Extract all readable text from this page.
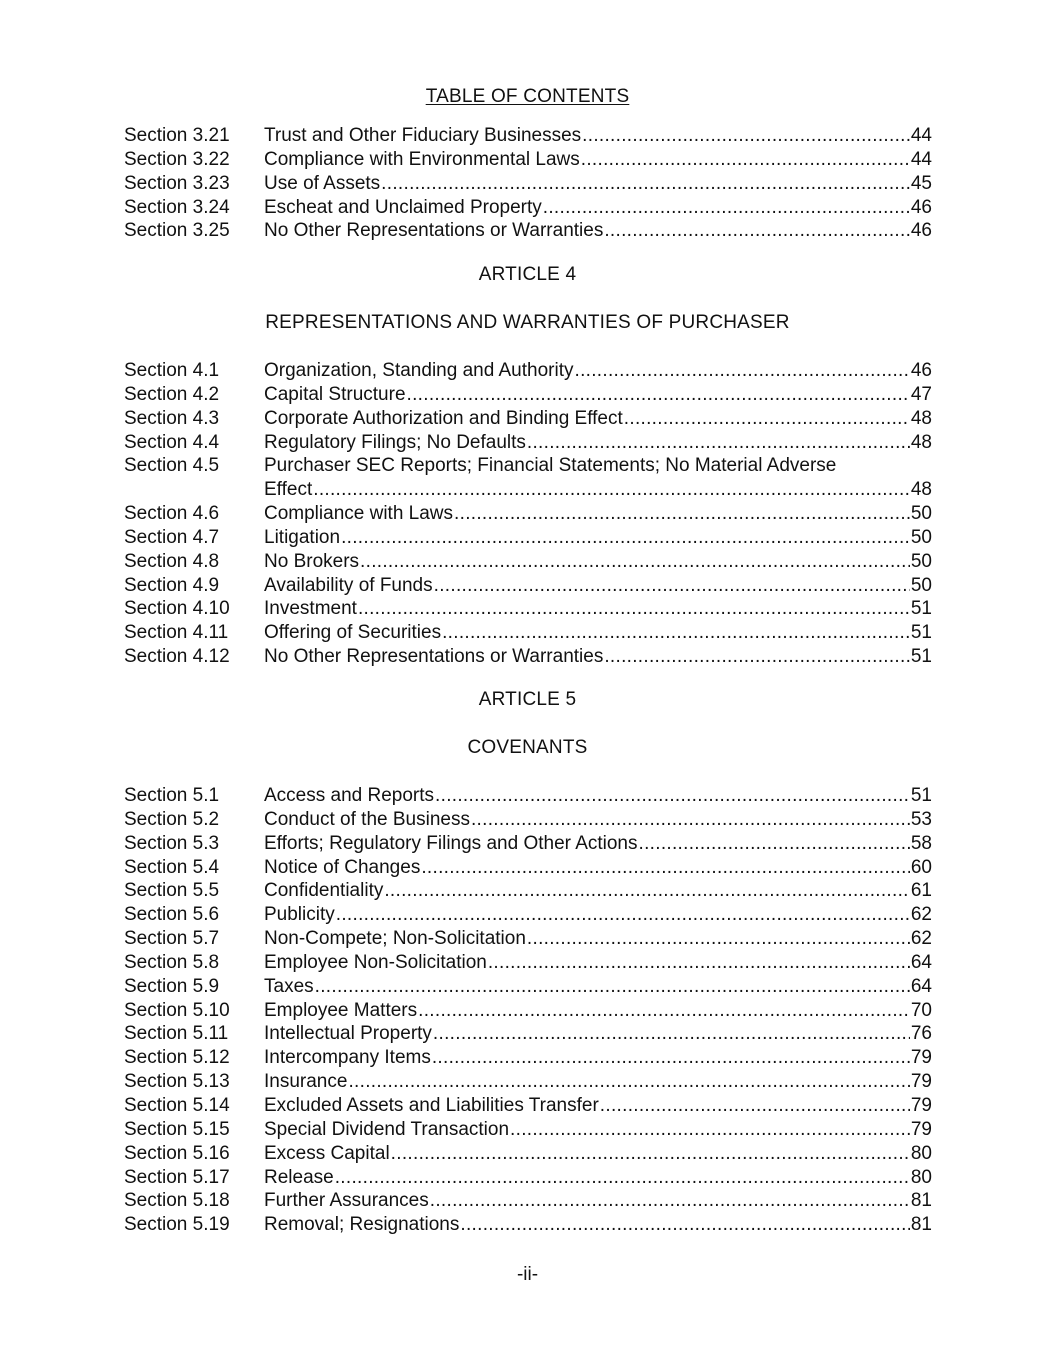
TABLE OF CONTENTS
Section 3.21	Trust and Other Fiduciary Businesses .....	44
Section 3.22	Compliance with Environmental Laws .....	44
Section 3.23	Use of Assets .....	45
Section 3.24	Escheat and Unclaimed Property .....	46
Section 3.25	No Other Representations or Warranties .....	46
ARTICLE 4
REPRESENTATIONS AND WARRANTIES OF PURCHASER
Section 4.1	Organization, Standing and Authority .....	46
Section 4.2	Capital Structure .....	47
Section 4.3	Corporate Authorization and Binding Effect .....	48
Section 4.4	Regulatory Filings; No Defaults .....	48
Section 4.5	Purchaser SEC Reports; Financial Statements; No Material Adverse
Effect .....	48
Section 4.6	Compliance with Laws .....	50
Section 4.7	Litigation .....	50
Section 4.8	No Brokers .....	50
Section 4.9	Availability of Funds .....	50
Section 4.10	Investment .....	51
Section 4.11	Offering of Securities .....	51
Section 4.12	No Other Representations or Warranties .....	51
ARTICLE 5
COVENANTS
Section 5.1	Access and Reports .....	51
Section 5.2	Conduct of the Business .....	53
Section 5.3	Efforts; Regulatory Filings and Other Actions .....	58
Section 5.4	Notice of Changes .....	60
Section 5.5	Confidentiality .....	61
Section 5.6	Publicity .....	62
Section 5.7	Non-Compete; Non-Solicitation .....	62
Section 5.8	Employee Non-Solicitation .....	64
Section 5.9	Taxes .....	64
Section 5.10	Employee Matters .....	70
Section 5.11	Intellectual Property .....	76
Section 5.12	Intercompany Items .....	79
Section 5.13	Insurance .....	79
Section 5.14	Excluded Assets and Liabilities Transfer .....	79
Section 5.15	Special Dividend Transaction .....	79
Section 5.16	Excess Capital .....	80
Section 5.17	Release .....	80
Section 5.18	Further Assurances .....	81
Section 5.19	Removal; Resignations .....	81
-ii-
